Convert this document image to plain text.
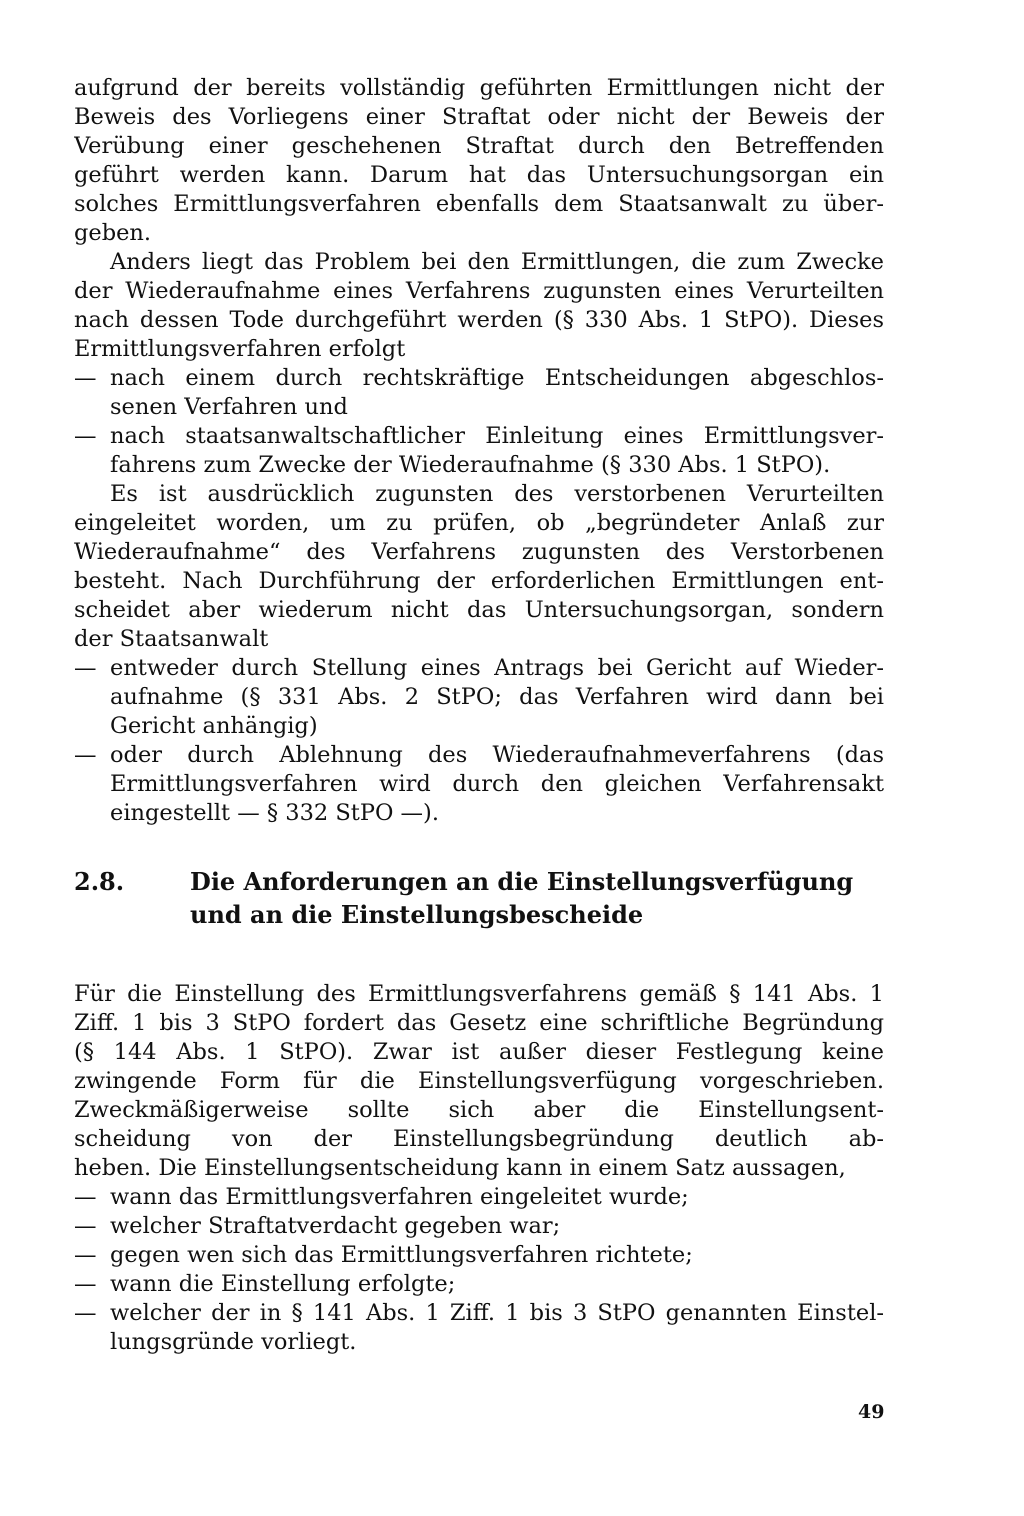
aufgrund der bereits vollständig geführten Ermittlungen nicht der
Beweis des Vorliegens einer Straftat oder nicht der Beweis der
Verübung einer geschehenen Straftat durch den Betreffenden
geführt werden kann. Darum hat das Untersuchungsorgan ein
solches Ermittlungsverfahren ebenfalls dem Staatsanwalt zu über-
geben.
Anders liegt das Problem bei den Ermittlungen, die zum Zwecke
der Wiederaufnahme eines Verfahrens zugunsten eines Verurteilten
nach dessen Tode durchgeführt werden (§ 330 Abs. 1 StPO). Dieses
Ermittlungsverfahren erfolgt
— nach einem durch rechtskräftige Entscheidungen abgeschlos-
senen Verfahren und
— nach staatsanwaltschaftlicher Einleitung eines Ermittlungsver-
fahrens zum Zwecke der Wiederaufnahme (§ 330 Abs. 1 StPO).
Es ist ausdrücklich zugunsten des verstorbenen Verurteilten
eingeleitet worden, um zu prüfen, ob „begründeter Anlaß zur
Wiederaufnahme“ des Verfahrens zugunsten des Verstorbenen
besteht. Nach Durchführung der erforderlichen Ermittlungen ent-
scheidet aber wiederum nicht das Untersuchungsorgan, sondern
der Staatsanwalt
— entweder durch Stellung eines Antrags bei Gericht auf Wieder-
aufnahme (§ 331 Abs. 2 StPO; das Verfahren wird dann bei
Gericht anhängig)
— oder durch Ablehnung des Wiederaufnahmeverfahrens (das
Ermittlungsverfahren wird durch den gleichen Verfahrensakt
eingestellt — § 332 StPO —).
2.8.	Die Anforderungen an die Einstellungsverfügung
und an die Einstellungsbescheide
Für die Einstellung des Ermittlungsverfahrens gemäß § 141 Abs. 1
Ziff. 1 bis 3 StPO fordert das Gesetz eine schriftliche Begründung
(§ 144 Abs. 1 StPO). Zwar ist außer dieser Festlegung keine
zwingende Form für die Einstellungsverfügung vorgeschrieben.
Zweckmäßigerweise sollte sich aber die Einstellungsent-
scheidung von der Einstellungsbegründung deutlich ab-
heben. Die Einstellungsentscheidung kann in einem Satz aussagen,
— wann das Ermittlungsverfahren eingeleitet wurde;
— welcher Straftatverdacht gegeben war;
— gegen wen sich das Ermittlungsverfahren richtete;
— wann die Einstellung erfolgte;
— welcher der in § 141 Abs. 1 Ziff. 1 bis 3 StPO genannten Einstel-
lungsgründe vorliegt.
49
